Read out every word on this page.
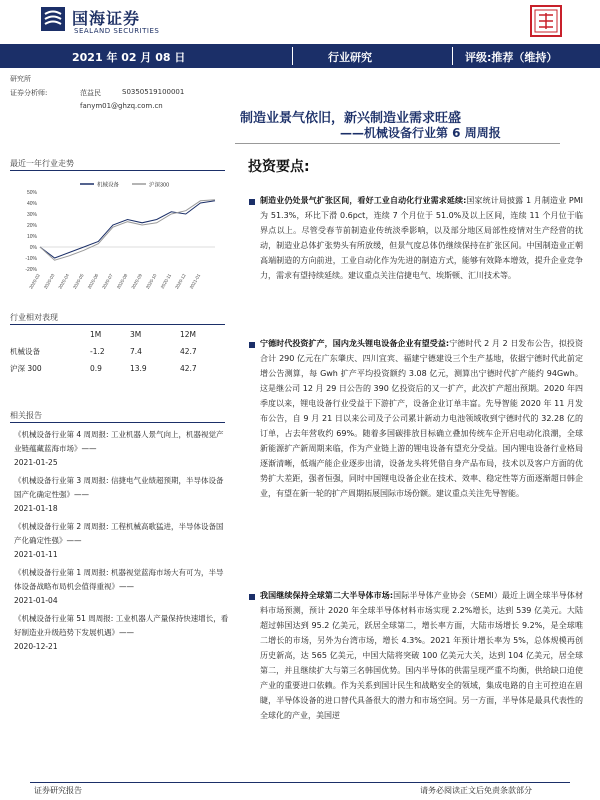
国海证券
SEALAND SECURITIES
2021 年 02 月 08 日	行业研究	评级:推荐（维持）
研究所
证券分析师:	范益民	S0350519100001
fanym01@ghzq.com.cn
制造业景气依旧，新兴制造业需求旺盛
——机械设备行业第 6 周周报
最近一年行业走势
-20%
-10%
0%
10%
20%
30%
40%
50%
2020-02 2020-03 2020-04 2020-05 2020-06 2020-07 2020-08 2020-09 2020-10 2020-11 2020-12 2021-01
机械设备	沪深300
行业相对表现
表现	1M	3M	12M
机械设备	-1.2	7.4	42.7
沪深 300	0.9	13.9	42.7
相关报告
《机械设备行业第 4 周周报: 工业机器人景气向上，机器视觉产业链蕴藏蓝海市场》——
2021-01-25
《机械设备行业第 3 周周报: 信捷电气业绩超预期，半导体设备国产化确定性强》——
2021-01-18
《机械设备行业第 2 周周报: 工程机械高歌猛进，半导体设备国产化确定性强》——
2021-01-11
《机械设备行业第 1 周周报: 机器视觉蓝海市场大有可为，半导体设备战略布局机会值得重视》——
2021-01-04
《机械设备行业第 51 周周报: 工业机器人产量保持快速增长，看好制造业升级趋势下发展机遇》——
2020-12-21
投资要点:
制造业仍处景气扩张区间，看好工业自动化行业需求延续:国家统计局披露 1 月制造业 PMI 为 51.3%，环比下滑 0.6pct，连续 7 个月位于 51.0%及以上区间，连续 11 个月位于临界点以上。尽管受春节前制造业传统淡季影响，以及部分地区局部性疫情对生产经营的扰动，制造业总体扩张势头有所放缓，但景气度总体仍继续保持在扩张区间。中国制造业正朝高端制造的方向前进，工业自动化作为先进的制造方式，能够有效降本增效，提升企业竞争力，需求有望持续延续。建议重点关注信捷电气、埃斯顿、汇川技术等。
宁德时代投资扩产，国内龙头锂电设备企业有望受益:宁德时代 2 月 2 日发布公告，拟投资合计 290 亿元在广东肇庆、四川宜宾、福建宁德建设三个生产基地，依据宁德时代此前定增公告测算，每 Gwh 扩产平均投资额约 3.08 亿元，测算出宁德时代扩产能约 94Gwh。这是继公司 12 月 29 日公告的 390 亿投资后的又一扩产，此次扩产超出预期。2020 年四季度以来，锂电设备行业受益于下游扩产，设备企业订单丰富。先导智能 2020 年 11 月发布公告，自 9 月 21 日以来公司及子公司累计新动力电池领域收到宁德时代的 32.28 亿的订单，占去年营收约 69%。随着多国碳排放目标确立叠加传统车企开启电动化浪潮，全球新能源扩产新周期来临，作为产业链上游的锂电设备有望充分受益。国内锂电设备行业格局逐渐清晰，低端产能企业逐步出清，设备龙头将凭借自身产品布局，技术以及客户方面的优势扩大差距，强者恒强，同时中国锂电设备企业在技术、效率、稳定性等方面逐渐超日韩企业，有望在新一轮的扩产周期拓展国际市场份额。建议重点关注先导智能。
我国继续保持全球第二大半导体市场:国际半导体产业协会（SEMI）最近上调全球半导体材料市场预测，预计 2020 年全球半导体材料市场实现 2.2%增长，达到 539 亿美元。大陆超过韩国达到 95.2 亿美元，跃居全球第二，增长率方面，大陆市场增长 9.2%，是全球唯二增长的市场，另外为台湾市场，增长 4.3%。2021 年预计增长率为 5%，总体规模再创历史新高，达 565 亿美元，中国大陆将突破 100 亿美元大关，达到 104 亿美元，居全球第二，并且继续扩大与第三名韩国优势。国内半导体的供需呈现严重不均衡，供给缺口迫使产业的重要进口依赖。作为关系到国计民生和战略安全的领域，集成电路的自主可控迫在眉睫，半导体设备的进口替代具备很大的潜力和市场空间。另一方面，半导体是最具代表性的全球化的产业，美国逆
证券研究报告	请务必阅读正文后免责条款部分
